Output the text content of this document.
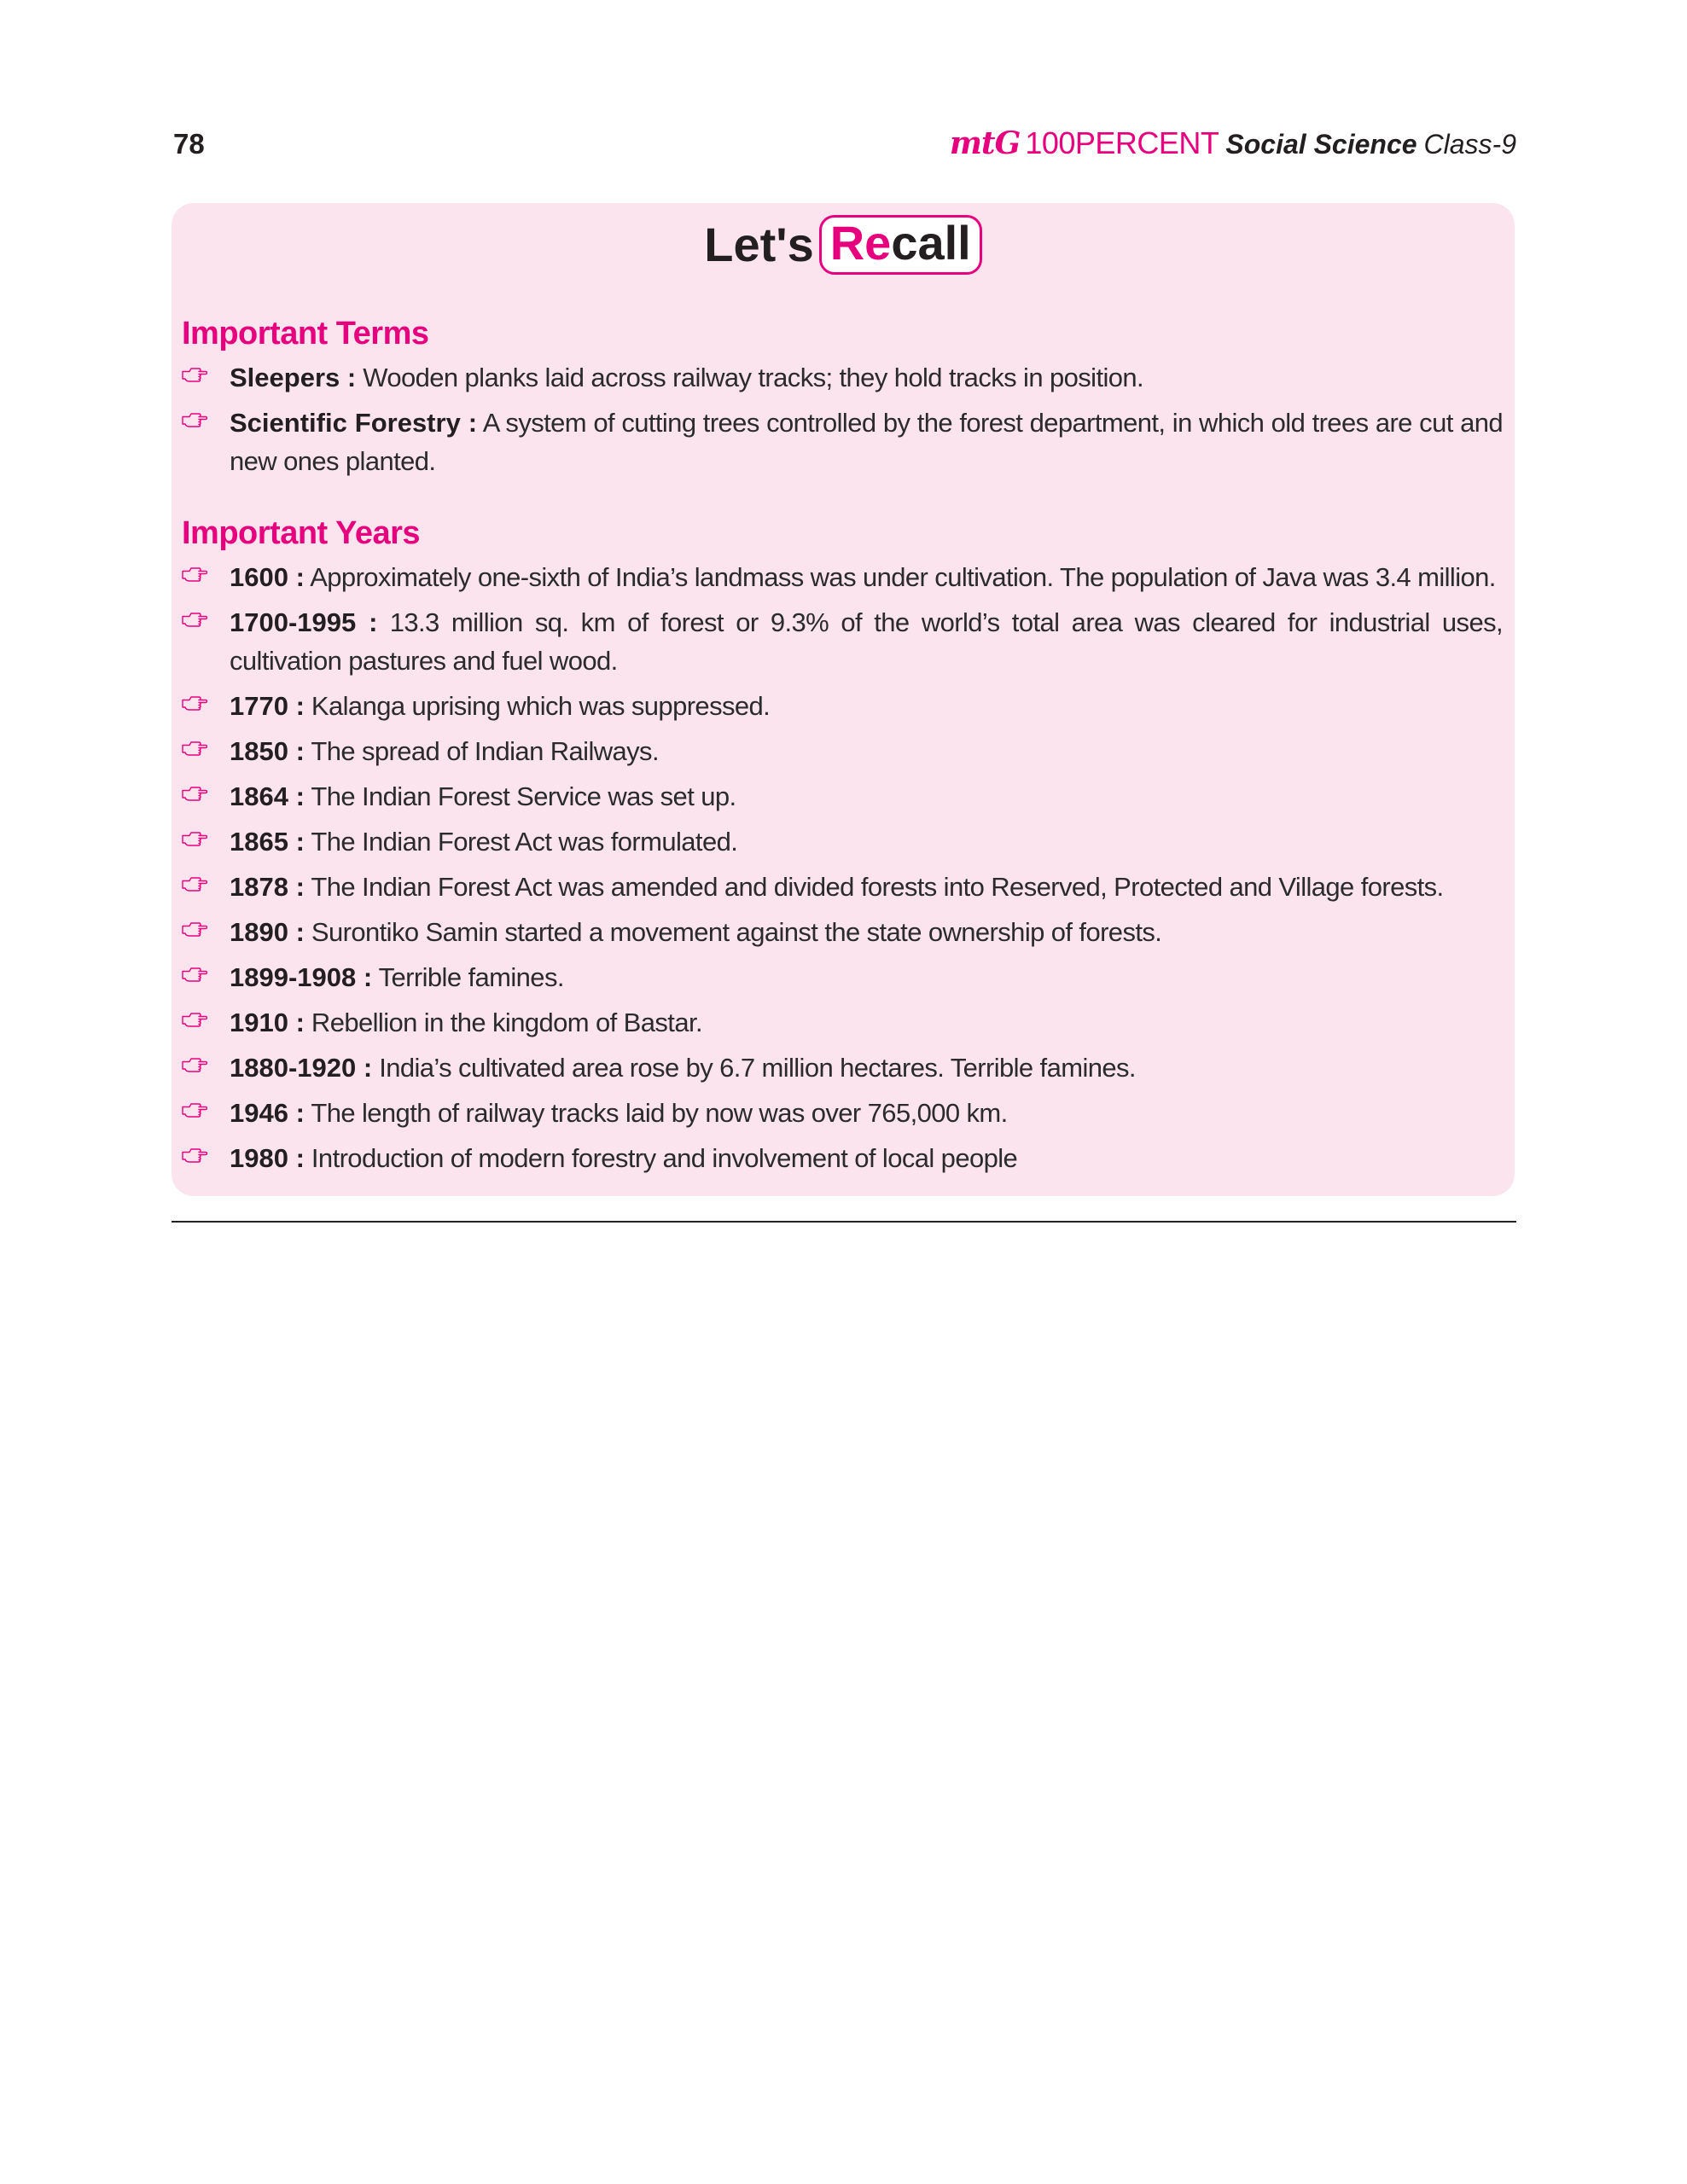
78	mtG 100PERCENT Social Science Class-9
Let's Recall
Important Terms
Sleepers : Wooden planks laid across railway tracks; they hold tracks in position.
Scientific Forestry : A system of cutting trees controlled by the forest department, in which old trees are cut and new ones planted.
Important Years
1600 : Approximately one-sixth of India’s landmass was under cultivation. The population of Java was 3.4 million.
1700-1995 : 13.3 million sq. km of forest or 9.3% of the world’s total area was cleared for industrial uses, cultivation pastures and fuel wood.
1770 : Kalanga uprising which was suppressed.
1850 : The spread of Indian Railways.
1864 : The Indian Forest Service was set up.
1865 : The Indian Forest Act was formulated.
1878 : The Indian Forest Act was amended and divided forests into Reserved, Protected and Village forests.
1890 : Surontiko Samin started a movement against the state ownership of forests.
1899-1908 : Terrible famines.
1910 : Rebellion in the kingdom of Bastar.
1880-1920 : India’s cultivated area rose by 6.7 million hectares. Terrible famines.
1946 : The length of railway tracks laid by now was over 765,000 km.
1980 : Introduction of modern forestry and involvement of local people
